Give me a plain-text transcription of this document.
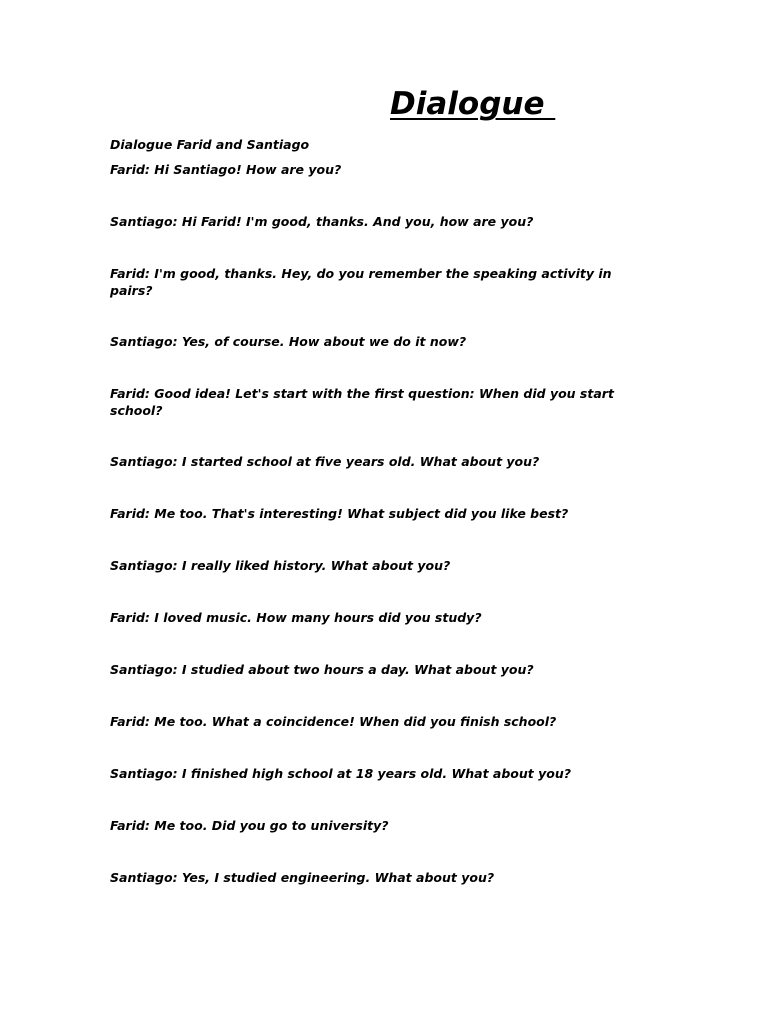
Dialogue

Dialogue Farid and Santiago

Farid: Hi Santiago! How are you?

Santiago: Hi Farid! I'm good, thanks. And you, how are you?

Farid: I'm good, thanks. Hey, do you remember the speaking activity in pairs?

Santiago: Yes, of course. How about we do it now?

Farid: Good idea! Let's start with the first question: When did you start school?

Santiago: I started school at five years old. What about you?

Farid: Me too. That's interesting! What subject did you like best?

Santiago: I really liked history. What about you?

Farid: I loved music. How many hours did you study?

Santiago: I studied about two hours a day. What about you?

Farid: Me too. What a coincidence! When did you finish school?

Santiago: I finished high school at 18 years old. What about you?

Farid: Me too. Did you go to university?

Santiago: Yes, I studied engineering. What about you?
